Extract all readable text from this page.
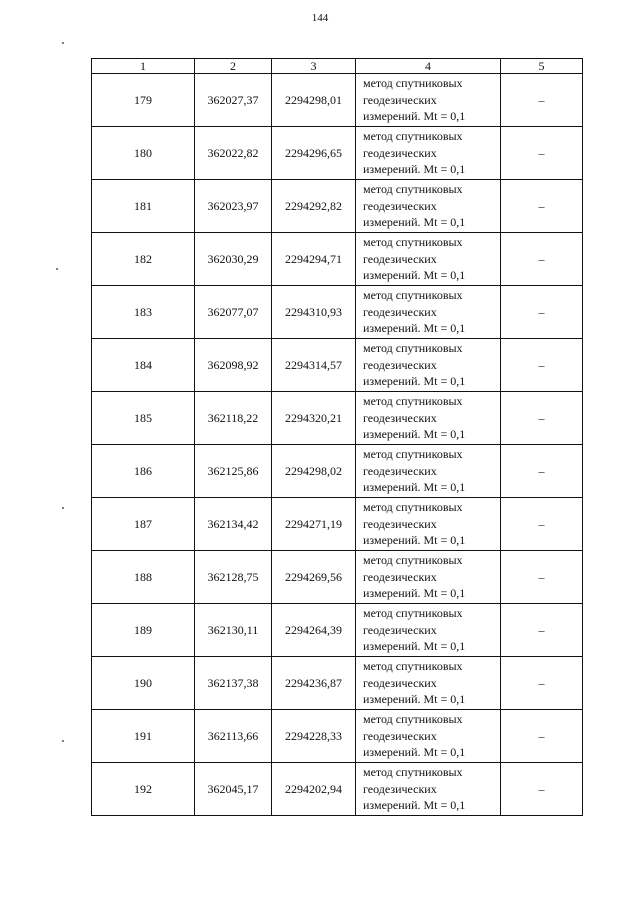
144
1	2	3	4	5
179	362027,37	2294298,01	метод спутниковых
геодезических
измерений. Mt = 0,1	–
180	362022,82	2294296,65	метод спутниковых
геодезических
измерений. Mt = 0,1	–
181	362023,97	2294292,82	метод спутниковых
геодезических
измерений. Mt = 0,1	–
182	362030,29	2294294,71	метод спутниковых
геодезических
измерений. Mt = 0,1	–
183	362077,07	2294310,93	метод спутниковых
геодезических
измерений. Mt = 0,1	–
184	362098,92	2294314,57	метод спутниковых
геодезических
измерений. Mt = 0,1	–
185	362118,22	2294320,21	метод спутниковых
геодезических
измерений. Mt = 0,1	–
186	362125,86	2294298,02	метод спутниковых
геодезических
измерений. Mt = 0,1	–
187	362134,42	2294271,19	метод спутниковых
геодезических
измерений. Mt = 0,1	–
188	362128,75	2294269,56	метод спутниковых
геодезических
измерений. Mt = 0,1	–
189	362130,11	2294264,39	метод спутниковых
геодезических
измерений. Mt = 0,1	–
190	362137,38	2294236,87	метод спутниковых
геодезических
измерений. Mt = 0,1	–
191	362113,66	2294228,33	метод спутниковых
геодезических
измерений. Mt = 0,1	–
192	362045,17	2294202,94	метод спутниковых
геодезических
измерений. Mt = 0,1	–
